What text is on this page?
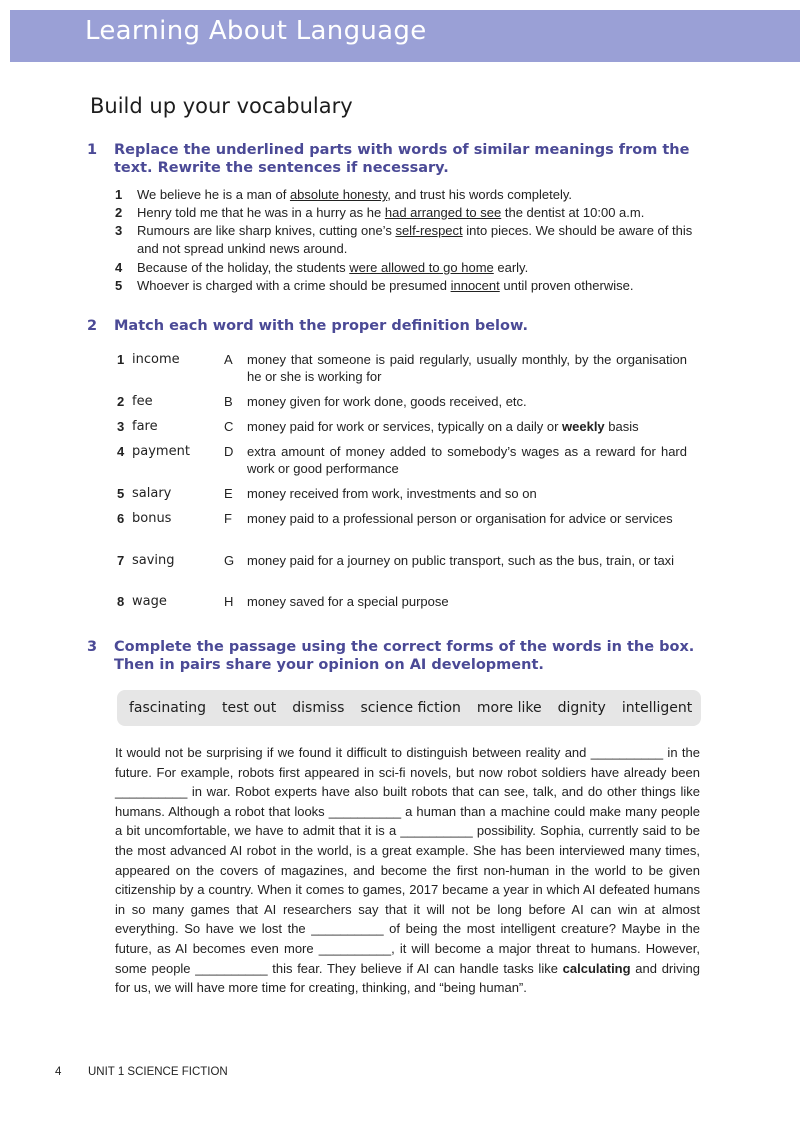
Learning About Language
Build up your vocabulary
1 Replace the underlined parts with words of similar meanings from the text. Rewrite the sentences if necessary.
1 We believe he is a man of absolute honesty, and trust his words completely.
2 Henry told me that he was in a hurry as he had arranged to see the dentist at 10:00 a.m.
3 Rumours are like sharp knives, cutting one’s self-respect into pieces. We should be aware of this and not spread unkind news around.
4 Because of the holiday, the students were allowed to go home early.
5 Whoever is charged with a crime should be presumed innocent until proven otherwise.
2 Match each word with the proper definition below.
1 income	A money that someone is paid regularly, usually monthly, by the organisation he or she is working for
2 fee	B money given for work done, goods received, etc.
3 fare	C money paid for work or services, typically on a daily or weekly basis
4 payment	D extra amount of money added to somebody’s wages as a reward for hard work or good performance
5 salary	E money received from work, investments and so on
6 bonus	F money paid to a professional person or organisation for advice or services
7 saving	G money paid for a journey on public transport, such as the bus, train, or taxi
8 wage	H money saved for a special purpose
3 Complete the passage using the correct forms of the words in the box. Then in pairs share your opinion on AI development.
fascinating test out dismiss science fiction more like dignity intelligent
It would not be surprising if we found it difficult to distinguish between reality and __________ in the future. For example, robots first appeared in sci-fi novels, but now robot soldiers have already been __________ in war. Robot experts have also built robots that can see, talk, and do other things like humans. Although a robot that looks __________ a human than a machine could make many people a bit uncomfortable, we have to admit that it is a __________ possibility. Sophia, currently said to be the most advanced AI robot in the world, is a great example. She has been interviewed many times, appeared on the covers of magazines, and become the first non-human in the world to be given citizenship by a country. When it comes to games, 2017 became a year in which AI defeated humans in so many games that AI researchers say that it will not be long before AI can win at almost everything. So have we lost the __________ of being the most intelligent creature? Maybe in the future, as AI becomes even more __________, it will become a major threat to humans. However, some people __________ this fear. They believe if AI can handle tasks like calculating and driving for us, we will have more time for creating, thinking, and “being human”.
4 UNIT 1 SCIENCE FICTION
